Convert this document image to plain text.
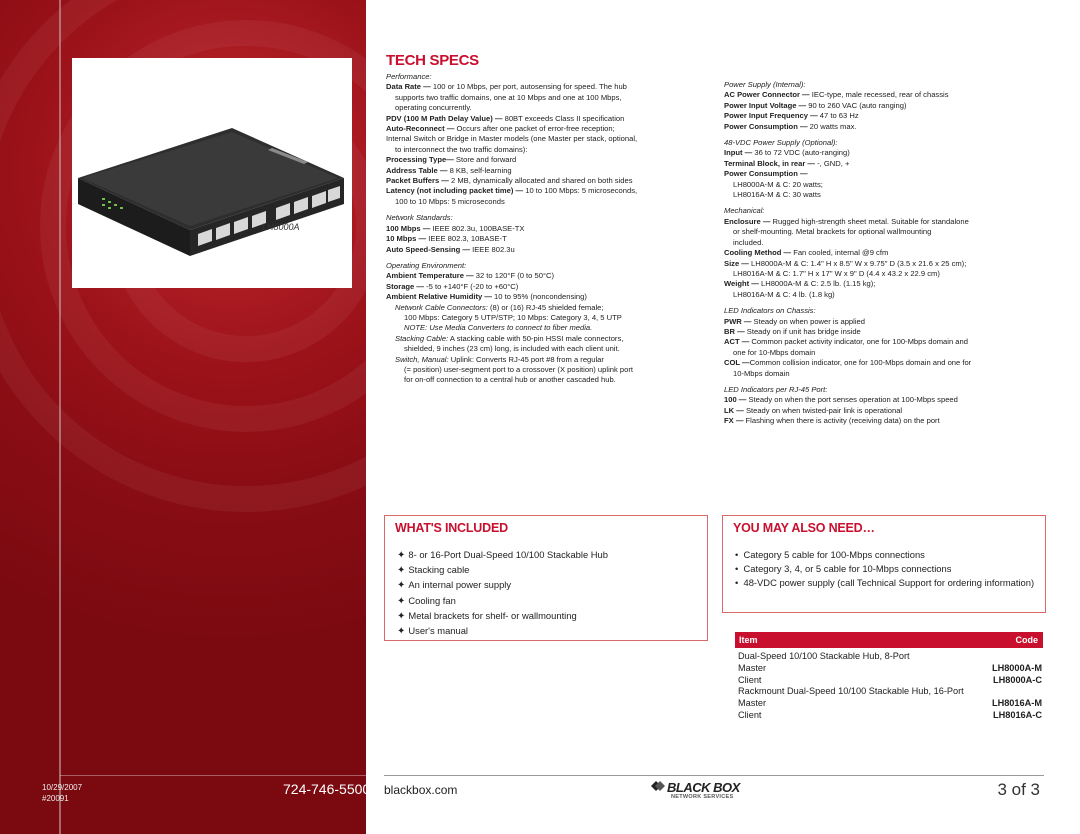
LH8000A
TECH SPECS
Performance:
Data Rate — 100 or 10 Mbps, per port, autosensing for speed. The hub
supports two traffic domains, one at 10 Mbps and one at 100 Mbps,
operating concurrently.
PDV (100 M Path Delay Value) — 80BT exceeds Class II specification
Auto-Reconnect — Occurs after one packet of error-free reception;
Internal Switch or Bridge in Master models (one Master per stack, optional,
to interconnect the two traffic domains):
Processing Type— Store and forward
Address Table — 8 KB, self-learning
Packet Buffers — 2 MB, dynamically allocated and shared on both sides
Latency (not including packet time) — 10 to 100 Mbps: 5 microseconds,
100 to 10 Mbps: 5 microseconds
Network Standards:
100 Mbps — IEEE 802.3u, 100BASE-TX
10 Mbps — IEEE 802.3, 10BASE-T
Auto Speed-Sensing — IEEE 802.3u
Operating Environment:
Ambient Temperature — 32 to 120°F (0 to 50°C)
Storage — -5 to +140°F (-20 to +60°C)
Ambient Relative Humidity — 10 to 95% (noncondensing)
Network Cable Connectors: (8) or (16) RJ-45 shielded female;
100 Mbps: Category 5 UTP/STP; 10 Mbps: Category 3, 4, 5 UTP
NOTE: Use Media Converters to connect to fiber media.
Stacking Cable: A stacking cable with 50-pin HSSI male connectors,
shielded, 9 inches (23 cm) long, is included with each client unit.
Switch, Manual: Uplink: Converts RJ-45 port #8 from a regular
(= position) user-segment port to a crossover (X position) uplink port
for on-off connection to a central hub or another cascaded hub.
Power Supply (Internal):
AC Power Connector — IEC-type, male recessed, rear of chassis
Power Input Voltage — 90 to 260 VAC (auto ranging)
Power Input Frequency — 47 to 63 Hz
Power Consumption — 20 watts max.
48-VDC Power Supply (Optional):
Input — 36 to 72 VDC (auto-ranging)
Terminal Block, in rear — -, GND, +
Power Consumption —
LH8000A-M & C: 20 watts;
LH8016A-M & C: 30 watts
Mechanical:
Enclosure — Rugged high-strength sheet metal. Suitable for standalone
or shelf-mounting. Metal brackets for optional wallmounting
included.
Cooling Method — Fan cooled, internal @9 cfm
Size — LH8000A-M & C: 1.4" H x 8.5" W x 9.75" D (3.5 x 21.6 x 25 cm);
LH8016A-M & C: 1.7" H x 17" W x 9" D (4.4 x 43.2 x 22.9 cm)
Weight — LH8000A-M & C: 2.5 lb. (1.15 kg);
LH8016A-M & C: 4 lb. (1.8 kg)
LED Indicators on Chassis:
PWR — Steady on when power is applied
BR — Steady on if unit has bridge inside
ACT — Common packet activity indicator, one for 100-Mbps domain and
one for 10-Mbps domain
COL —Common collision indicator, one for 100-Mbps domain and one for
10-Mbps domain
LED Indicators per RJ-45 Port:
100 — Steady on when the port senses operation at 100-Mbps speed
LK — Steady on when twisted-pair link is operational
FX — Flashing when there is activity (receiving data) on the port
WHAT'S INCLUDED
✦ 8- or 16-Port Dual-Speed 10/100 Stackable Hub
✦ Stacking cable
✦ An internal power supply
✦ Cooling fan
✦ Metal brackets for shelf- or wallmounting
✦ User's manual
YOU MAY ALSO NEED…
•  Category 5 cable for 100-Mbps connections
•  Category 3, 4, or 5 cable for 10-Mbps connections
•  48-VDC power supply (call Technical Support for ordering information)
Item	Code
Dual-Speed 10/100 Stackable Hub, 8-Port
Master	LH8000A-M
Client	LH8000A-C
Rackmount Dual-Speed 10/100 Stackable Hub, 16-Port
Master	LH8016A-M
Client	LH8016A-C
10/29/2007
#20091
724-746-5500 blackbox.com	BLACK BOX
NETWORK SERVICES	3 of 3
